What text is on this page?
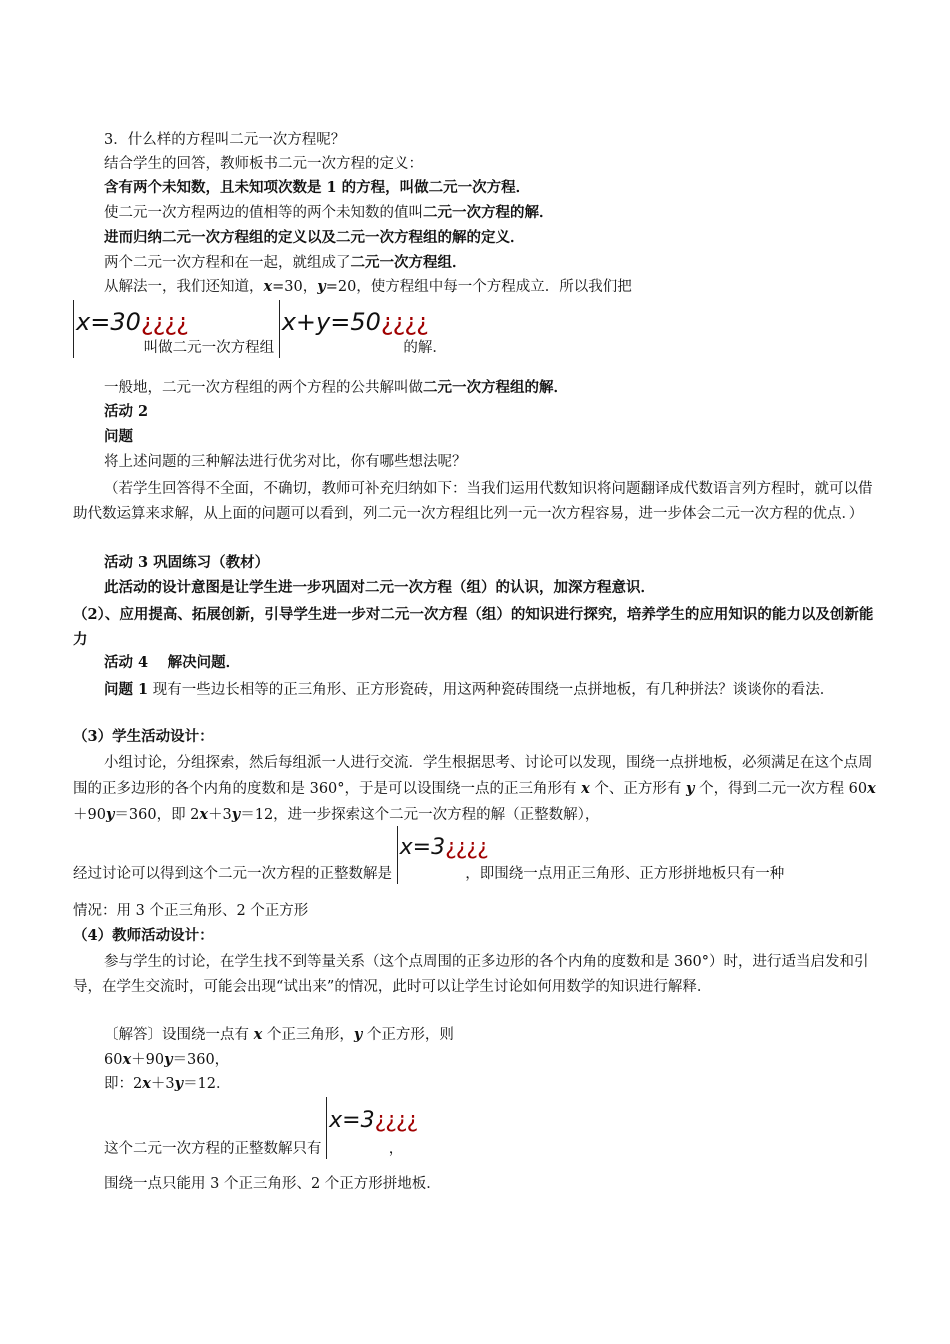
3．什么样的方程叫二元一次方程呢？
结合学生的回答，教师板书二元一次方程的定义：
含有两个未知数，且未知项次数是 1 的方程，叫做二元一次方程．
使二元一次方程两边的值相等的两个未知数的值叫二元一次方程的解．
进而归纳二元一次方程组的定义以及二元一次方程组的解的定义．
两个二元一次方程和在一起，就组成了二元一次方程组．
从解法一，我们还知道，x=30，y=20，使方程组中每一个方程成立．所以我们把
x=30¿¿¿¿
叫做二元一次方程组
x+y=50¿¿¿¿
的解．
一般地，二元一次方程组的两个方程的公共解叫做二元一次方程组的解．
活动 2
问题
将上述问题的三种解法进行优劣对比，你有哪些想法呢？
（若学生回答得不全面，不确切，教师可补充归纳如下：当我们运用代数知识将问题翻译成代数语言列方程时，就可以借助代数运算来求解，从上面的问题可以看到，列二元一次方程组比列一元一次方程容易，进一步体会二元一次方程的优点．）
活动 3 巩固练习（教材）
此活动的设计意图是让学生进一步巩固对二元一次方程（组）的认识，加深方程意识．
（2）、应用提高、拓展创新，引导学生进一步对二元一次方程（组）的知识进行探究，培养学生的应用知识的能力以及创新能力
活动 4　 解决问题．
问题 1 现有一些边长相等的正三角形、正方形瓷砖，用这两种瓷砖围绕一点拼地板，有几种拼法？谈谈你的看法．
（3）学生活动设计：
小组讨论，分组探索，然后每组派一人进行交流．学生根据思考、讨论可以发现，围绕一点拼地板，必须满足在这个点周围的正多边形的各个内角的度数和是 360°，于是可以设围绕一点的正三角形有 x 个、正方形有 y 个，得到二元一次方程 60x＋90y＝360，即 2x＋3y＝12，进一步探索这个二元一次方程的解（正整数解），
经过讨论可以得到这个二元一次方程的正整数解是
x=3¿¿¿¿
，即围绕一点用正三角形、正方形拼地板只有一种
情况：用 3 个正三角形、2 个正方形
（4）教师活动设计：
参与学生的讨论，在学生找不到等量关系（这个点周围的正多边形的各个内角的度数和是 360°）时，进行适当启发和引导，在学生交流时，可能会出现“试出来”的情况，此时可以让学生讨论如何用数学的知识进行解释．
〔解答〕设围绕一点有 x 个正三角形，y 个正方形，则
60x＋90y＝360，
即：2x＋3y＝12．
这个二元一次方程的正整数解只有
x=3¿¿¿¿
，
围绕一点只能用 3 个正三角形、2 个正方形拼地板．
